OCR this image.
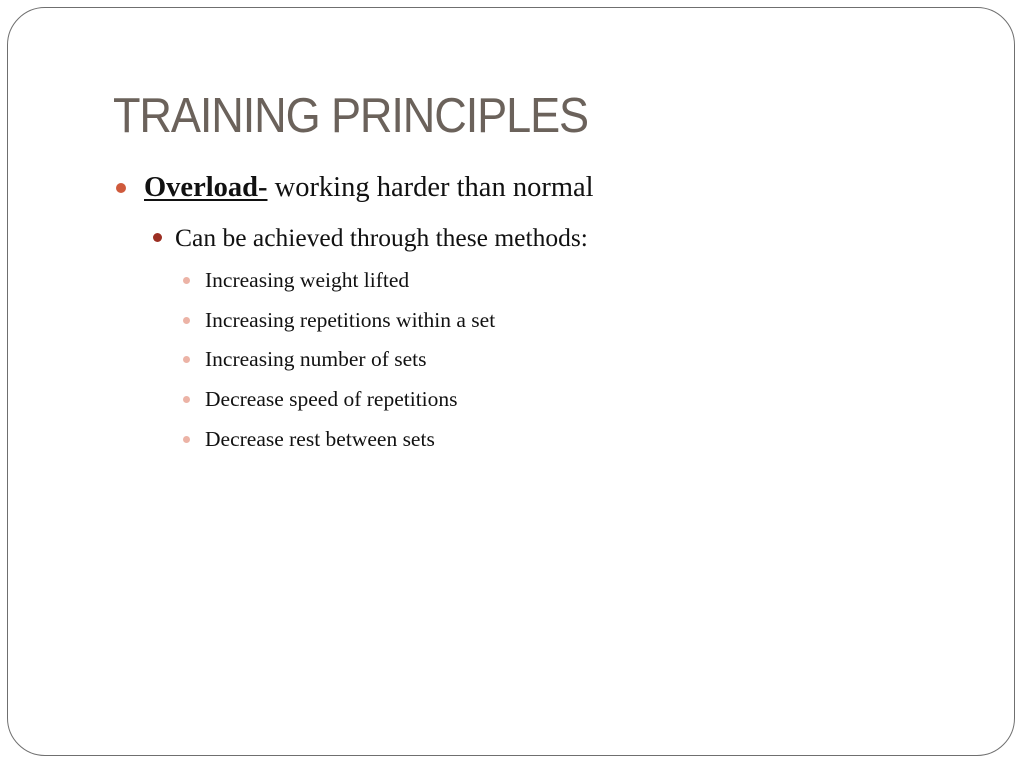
TRAINING PRINCIPLES
Overload- working harder than normal
Can be achieved through these methods:
Increasing weight lifted
Increasing repetitions within a set
Increasing number of sets
Decrease speed of repetitions
Decrease rest between sets
